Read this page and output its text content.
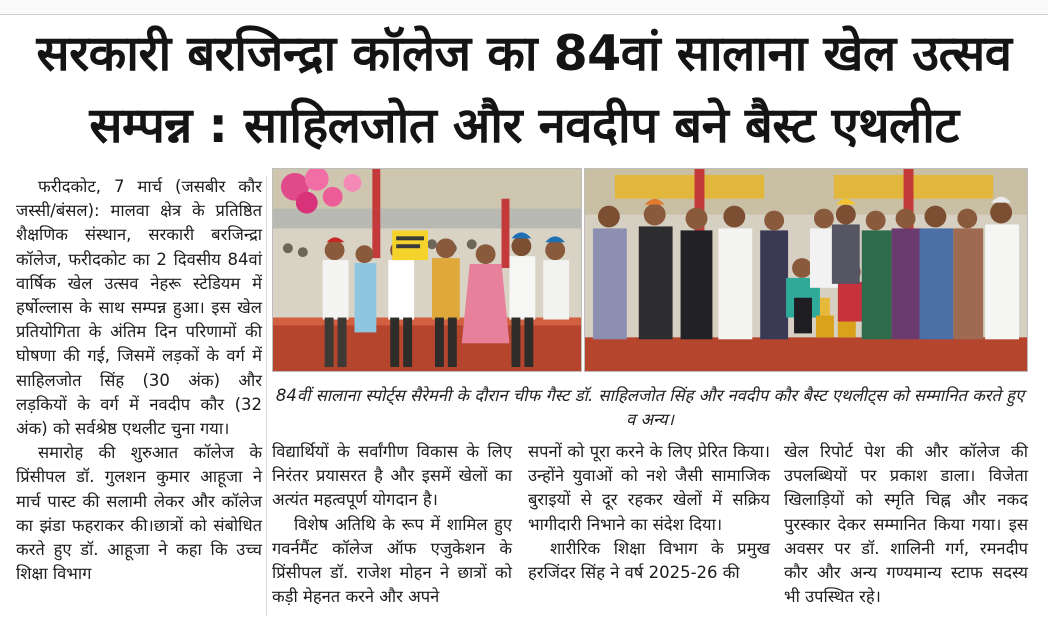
सरकारी बरजिन्द्रा कॉलेज का 84वां सालाना खेल उत्सव
सम्पन्न : साहिलजोत और नवदीप बने बैस्ट एथलीट

फरीदकोट, 7 मार्च (जसबीर कौर जस्सी/बंसल): मालवा क्षेत्र के प्रतिष्ठित शैक्षणिक संस्थान, सरकारी बरजिन्द्रा कॉलेज, फरीदकोट का 2 दिवसीय 84वां वार्षिक खेल उत्सव नेहरू स्टेडियम में हर्षोल्लास के साथ सम्पन्न हुआ। इस खेल प्रतियोगिता के अंतिम दिन परिणामों की घोषणा की गई, जिसमें लड़कों के वर्ग में साहिलजोत सिंह (30 अंक) और लड़कियों के वर्ग में नवदीप कौर (32 अंक) को सर्वश्रेष्ठ एथलीट चुना गया।

समारोह की शुरुआत कॉलेज के प्रिंसीपल डॉ. गुलशन कुमार आहूजा ने मार्च पास्ट की सलामी लेकर और कॉलेज का झंडा फहराकर की।छात्रों को संबोधित करते हुए डॉ. आहूजा ने कहा कि उच्च शिक्षा विभाग

84वीं सालाना स्पोर्ट्स सैरेमनी के दौरान चीफ गैस्ट डॉ. साहिलजोत सिंह और नवदीप कौर बैस्ट एथलीट्स को सम्मानित करते हुए व अन्य।

विद्यार्थियों के सर्वांगीण विकास के लिए निरंतर प्रयासरत है और इसमें खेलों का अत्यंत महत्वपूर्ण योगदान है।

विशेष अतिथि के रूप में शामिल हुए गवर्नमैंट कॉलेज ऑफ एजुकेशन के प्रिंसीपल डॉ. राजेश मोहन ने छात्रों को कड़ी मेहनत करने और अपने

सपनों को पूरा करने के लिए प्रेरित किया। उन्होंने युवाओं को नशे जैसी सामाजिक बुराइयों से दूर रहकर खेलों में सक्रिय भागीदारी निभाने का संदेश दिया।

शारीरिक शिक्षा विभाग के प्रमुख हरजिंदर सिंह ने वर्ष 2025-26 की

खेल रिपोर्ट पेश की और कॉलेज की उपलब्धियों पर प्रकाश डाला। विजेता खिलाड़ियों को स्मृति चिह्न और नकद पुरस्कार देकर सम्मानित किया गया। इस अवसर पर डॉ. शालिनी गर्ग, रमनदीप कौर और अन्य गण्यमान्य स्टाफ सदस्य भी उपस्थित रहे।
